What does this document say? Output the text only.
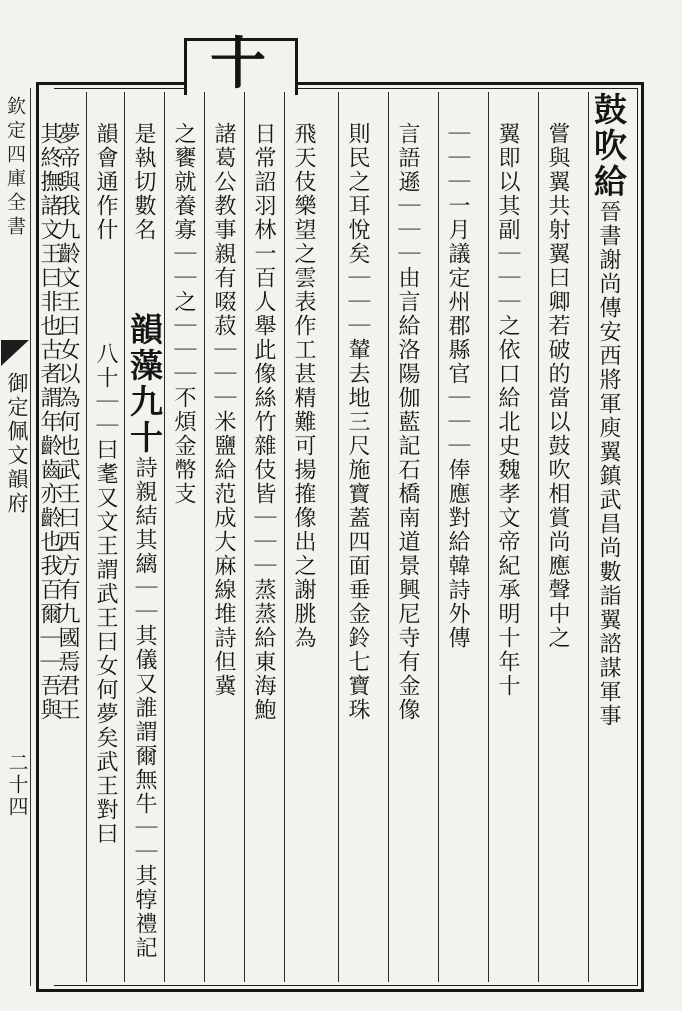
欽定四庫全書
御定佩文韻府
二十四
十
鼓吹給晉書謝尚傳安西將軍庾翼鎮武昌尚數詣翼諮謀軍事
嘗與翼共射翼曰卿若破的當以鼓吹相賞尚應聲中之
翼即以其副｜｜｜之依口給北史魏孝文帝紀承明十年十
｜｜｜一月議定州郡縣官｜｜｜俸應對給韓詩外傳
言語遜｜｜｜由言給洛陽伽藍記石橋南道景興尼寺有金像
則民之耳悅矣｜｜｜輦去地三尺施寶蓋四面垂金鈴七寶珠
飛天伎樂望之雲表作工甚精難可揚搉像出之謝朓為
日常詔羽林一百人舉此像絲竹雜伎皆｜｜｜蒸蒸給東海鮑
諸葛公教事親有啜菽｜｜｜米鹽給范成大麻線堆詩但冀
之饔就養寡｜｜之｜｜｜不煩金幣支
是執切數名
韻會通作什
韻藻九十詩親結其縭｜｜其儀又誰謂爾無牛｜｜其犉禮記
八十｜｜曰耄又文王謂武王曰女何夢矣武王對曰
夢帝與我九齡文王曰女以為何也武王曰西方有九國焉君王
其終撫諸文王曰非也古者謂年齡齒亦齡也我百爾｜｜吾與
